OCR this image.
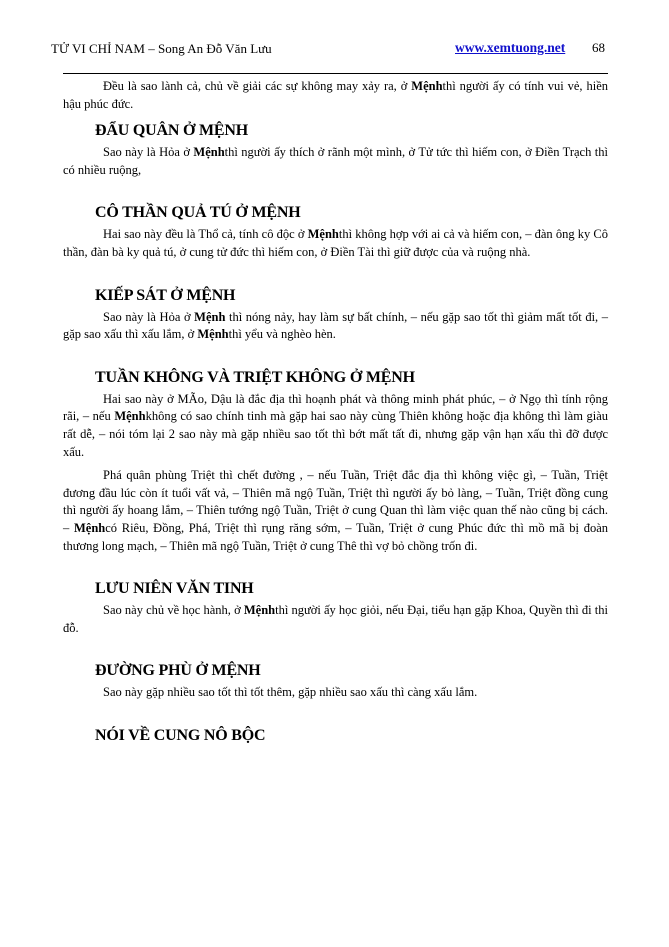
TỬ VI CHỈ NAM – Song An Đỗ Văn Lưu	www.xemtuong.net 68

Đều là sao lành cả, chủ về giải các sự không may xảy ra, ở Mệnhthì người ấy có tính vui vẻ, hiền hậu phúc đức.

ĐẨU QUÂN Ở MỆNH

Sao này là Hỏa ở Mệnhthì người ấy thích ở rãnh một mình, ở Tử tức thì hiếm con, ở Điền Trạch thì có nhiều ruộng,

CÔ THẦN QUẢ TÚ Ở MỆNH

Hai sao này đều là Thổ cả, tính cô độc ở Mệnhthì không hợp với ai cả và hiếm con, – đàn ông ky Cô thần, đàn bà ky quả tú, ở cung tử đức thì hiếm con, ở Điền Tài thì giữ được của và ruộng nhà.

KIẾP SÁT Ở MỆNH

Sao này là Hỏa ở Mệnh thì nóng nảy, hay làm sự bất chính, – nếu gặp sao tốt thì giảm mất tốt đi, – gặp sao xấu thì xấu lắm, ở Mệnhthì yểu và nghèo hèn.

TUẦN KHÔNG VÀ TRIỆT KHÔNG Ở MỆNH

Hai sao này ở MÃo, Dậu là đắc địa thì hoạnh phát và thông minh phát phúc, – ở Ngọ thì tính rộng rãi, – nếu Mệnhkhông có sao chính tinh mà gặp hai sao này cùng Thiên không hoặc địa không thì làm giàu rất dễ, – nói tóm lại 2 sao này mà gặp nhiều sao tốt thì bớt mất tất đi, nhưng gặp vận hạn xấu thì đỡ được xấu.

Phá quân phùng Triệt thì chết đường , – nếu Tuần, Triệt đắc địa thì không việc gì, – Tuần, Triệt đương đầu lúc còn ít tuổi vất vả, – Thiên mã ngộ Tuần, Triệt thì người ấy bỏ làng, – Tuần, Triệt đồng cung thì người ấy hoang lắm, – Thiên tướng ngộ Tuần, Triệt ở cung Quan thì làm việc quan thế nào cũng bị cách. – Mệnhcó Riêu, Đồng, Phá, Triệt thì rụng răng sớm, – Tuần, Triệt ở cung Phúc đức thì mồ mã bị đoàn thương long mạch, – Thiên mã ngộ Tuần, Triệt ở cung Thê thì vợ bỏ chồng trốn đi.

LƯU NIÊN VĂN TINH

Sao này chủ về học hành, ở Mệnhthì người ấy học giỏi, nếu Đại, tiểu hạn gặp Khoa, Quyền thì đi thi đỗ.

ĐƯỜNG PHÙ Ở MỆNH

Sao này gặp nhiều sao tốt thì tốt thêm, gặp nhiều sao xấu thì càng xấu lắm.

NÓI VỀ CUNG NÔ BỘC
